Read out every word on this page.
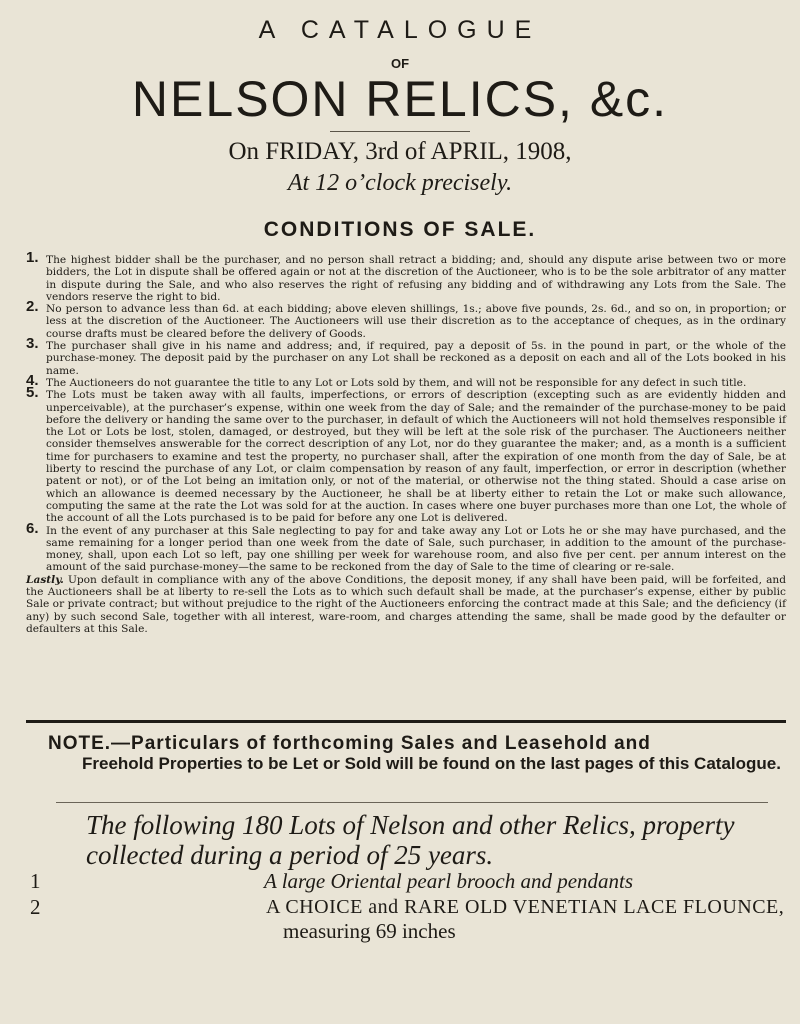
A CATALOGUE
OF
NELSON RELICS, &c.
On FRIDAY, 3rd of APRIL, 1908,
At 12 o’clock precisely.
CONDITIONS OF SALE.

1. The highest bidder shall be the purchaser, and no person shall retract a bidding; and, should any dispute arise between two or more bidders, the Lot in dispute shall be offered again or not at the discretion of the Auctioneer, who is to be the sole arbitrator of any matter in dispute during the Sale, and who also reserves the right of refusing any bidding and of withdrawing any Lots from the Sale. The vendors reserve the right to bid.

2. No person to advance less than 6d. at each bidding; above eleven shillings, 1s.; above five pounds, 2s. 6d., and so on, in proportion; or less at the discretion of the Auctioneer. The Auctioneers will use their discretion as to the acceptance of cheques, as in the ordinary course drafts must be cleared before the delivery of Goods.

3. The purchaser shall give in his name and address; and, if required, pay a deposit of 5s. in the pound in part, or the whole of the purchase-money. The deposit paid by the purchaser on any Lot shall be reckoned as a deposit on each and all of the Lots booked in his name.

4. The Auctioneers do not guarantee the title to any Lot or Lots sold by them, and will not be responsible for any defect in such title.

5. The Lots must be taken away with all faults, imperfections, or errors of description (excepting such as are evidently hidden and unperceivable), at the purchaser’s expense, within one week from the day of Sale; and the remainder of the purchase-money to be paid before the delivery or handing the same over to the purchaser, in default of which the Auctioneers will not hold themselves responsible if the Lot or Lots be lost, stolen, damaged, or destroyed, but they will be left at the sole risk of the purchaser. The Auctioneers neither consider themselves answerable for the correct description of any Lot, nor do they guarantee the maker; and, as a month is a sufficient time for purchasers to examine and test the property, no purchaser shall, after the expiration of one month from the day of Sale, be at liberty to rescind the purchase of any Lot, or claim compensation by reason of any fault, imperfection, or error in description (whether patent or not), or of the Lot being an imitation only, or not of the material, or otherwise not the thing stated. Should a case arise on which an allowance is deemed necessary by the Auctioneer, he shall be at liberty either to retain the Lot or make such allowance, computing the same at the rate the Lot was sold for at the auction. In cases where one buyer purchases more than one Lot, the whole of the account of all the Lots purchased is to be paid for before any one Lot is delivered.

6. In the event of any purchaser at this Sale neglecting to pay for and take away any Lot or Lots he or she may have purchased, and the same remaining for a longer period than one week from the date of Sale, such purchaser, in addition to the amount of the purchase-money, shall, upon each Lot so left, pay one shilling per week for warehouse room, and also five per cent. per annum interest on the amount of the said purchase-money—the same to be reckoned from the day of Sale to the time of clearing or re-sale.

Lastly. Upon default in compliance with any of the above Conditions, the deposit money, if any shall have been paid, will be forfeited, and the Auctioneers shall be at liberty to re-sell the Lots as to which such default shall be made, at the purchaser’s expense, either by public Sale or private contract; but without prejudice to the right of the Auctioneers enforcing the contract made at this Sale; and the deficiency (if any) by such second Sale, together with all interest, ware-room, and charges attending the same, shall be made good by the defaulter or defaulters at this Sale.

NOTE.—Particulars of forthcoming Sales and Leasehold and
Freehold Properties to be Let or Sold will be found on the last pages of this Catalogue.
The following 180 Lots of Nelson and other Relics, property collected during a period of 25 years.
1	A large Oriental pearl brooch and pendants
2	A CHOICE and RARE OLD VENETIAN LACE FLOUNCE,
measuring 69 inches
